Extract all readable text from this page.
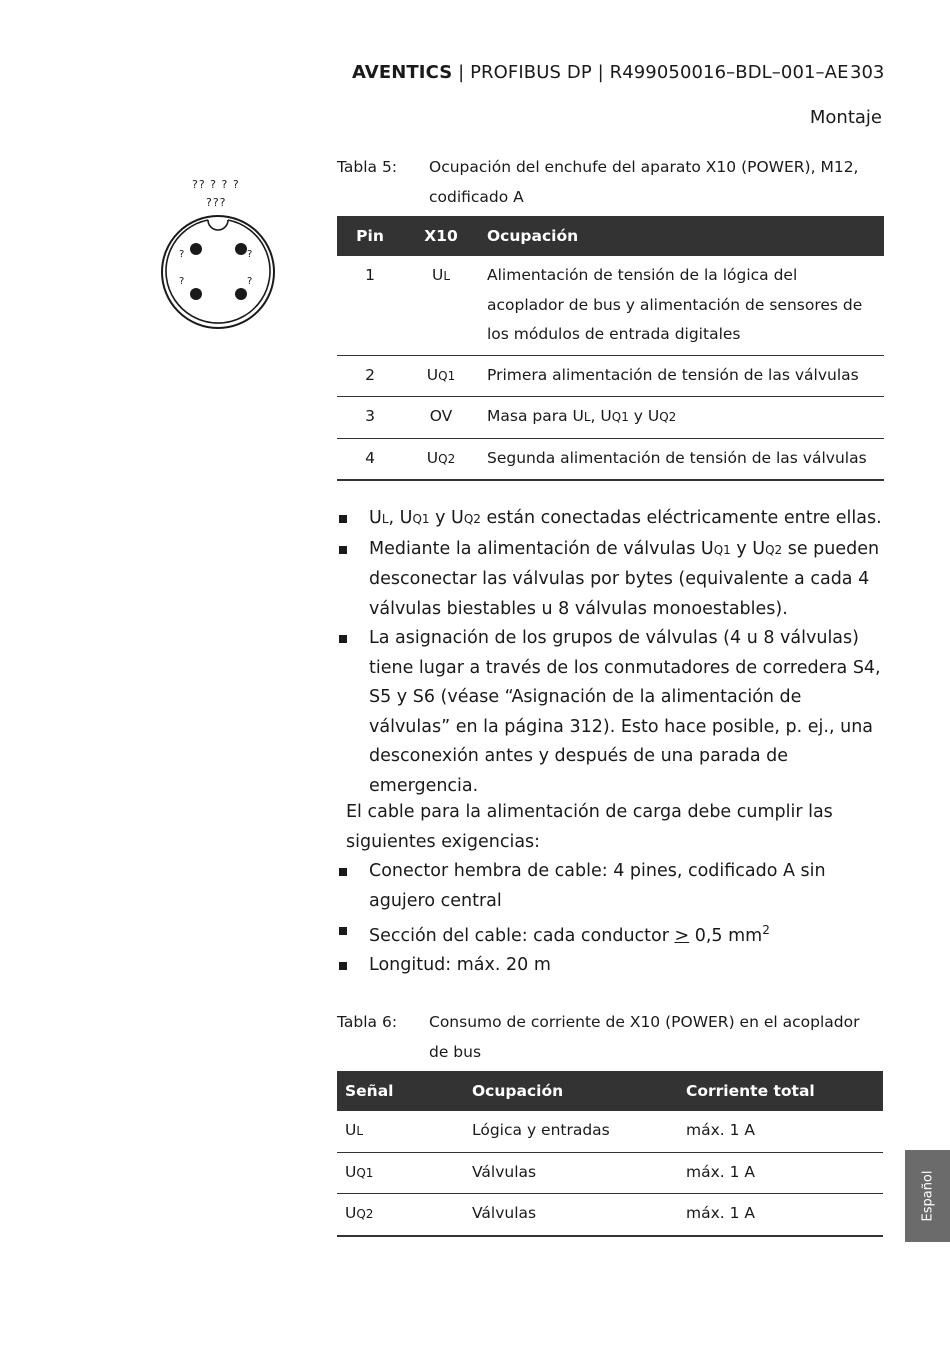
AVENTICS | PROFIBUS DP | R499050016–BDL–001–AE 303
Montaje
?? ? ? ?
???
?	?
?	?
Tabla 5: Ocupación del enchufe del aparato X10 (POWER), M12, codificado A
Pin	X10	Ocupación
1	UL	Alimentación de tensión de la lógica del acoplador de bus y alimentación de sensores de los módulos de entrada digitales
2	UQ1	Primera alimentación de tensión de las válvulas
3	OV	Masa para UL, UQ1 y UQ2
4	UQ2	Segunda alimentación de tensión de las válvulas
UL, UQ1 y UQ2 están conectadas eléctricamente entre ellas.
Mediante la alimentación de válvulas UQ1 y UQ2 se pueden desconectar las válvulas por bytes (equivalente a cada 4 válvulas biestables u 8 válvulas monoestables).
La asignación de los grupos de válvulas (4 u 8 válvulas) tiene lugar a través de los conmutadores de corredera S4, S5 y S6 (véase “Asignación de la alimentación de válvulas” en la página 312). Esto hace posible, p. ej., una desconexión antes y después de una parada de emergencia.
El cable para la alimentación de carga debe cumplir las siguientes exigencias:
Conector hembra de cable: 4 pines, codificado A sin agujero central
Sección del cable: cada conductor > 0,5 $mm^2$
Longitud: máx. 20 m
Tabla 6: Consumo de corriente de X10 (POWER) en el acoplador de bus
Señal	Ocupación	Corriente total
UL	Lógica y entradas	máx. 1 A
UQ1	Válvulas	máx. 1 A
UQ2	Válvulas	máx. 1 A	Español
